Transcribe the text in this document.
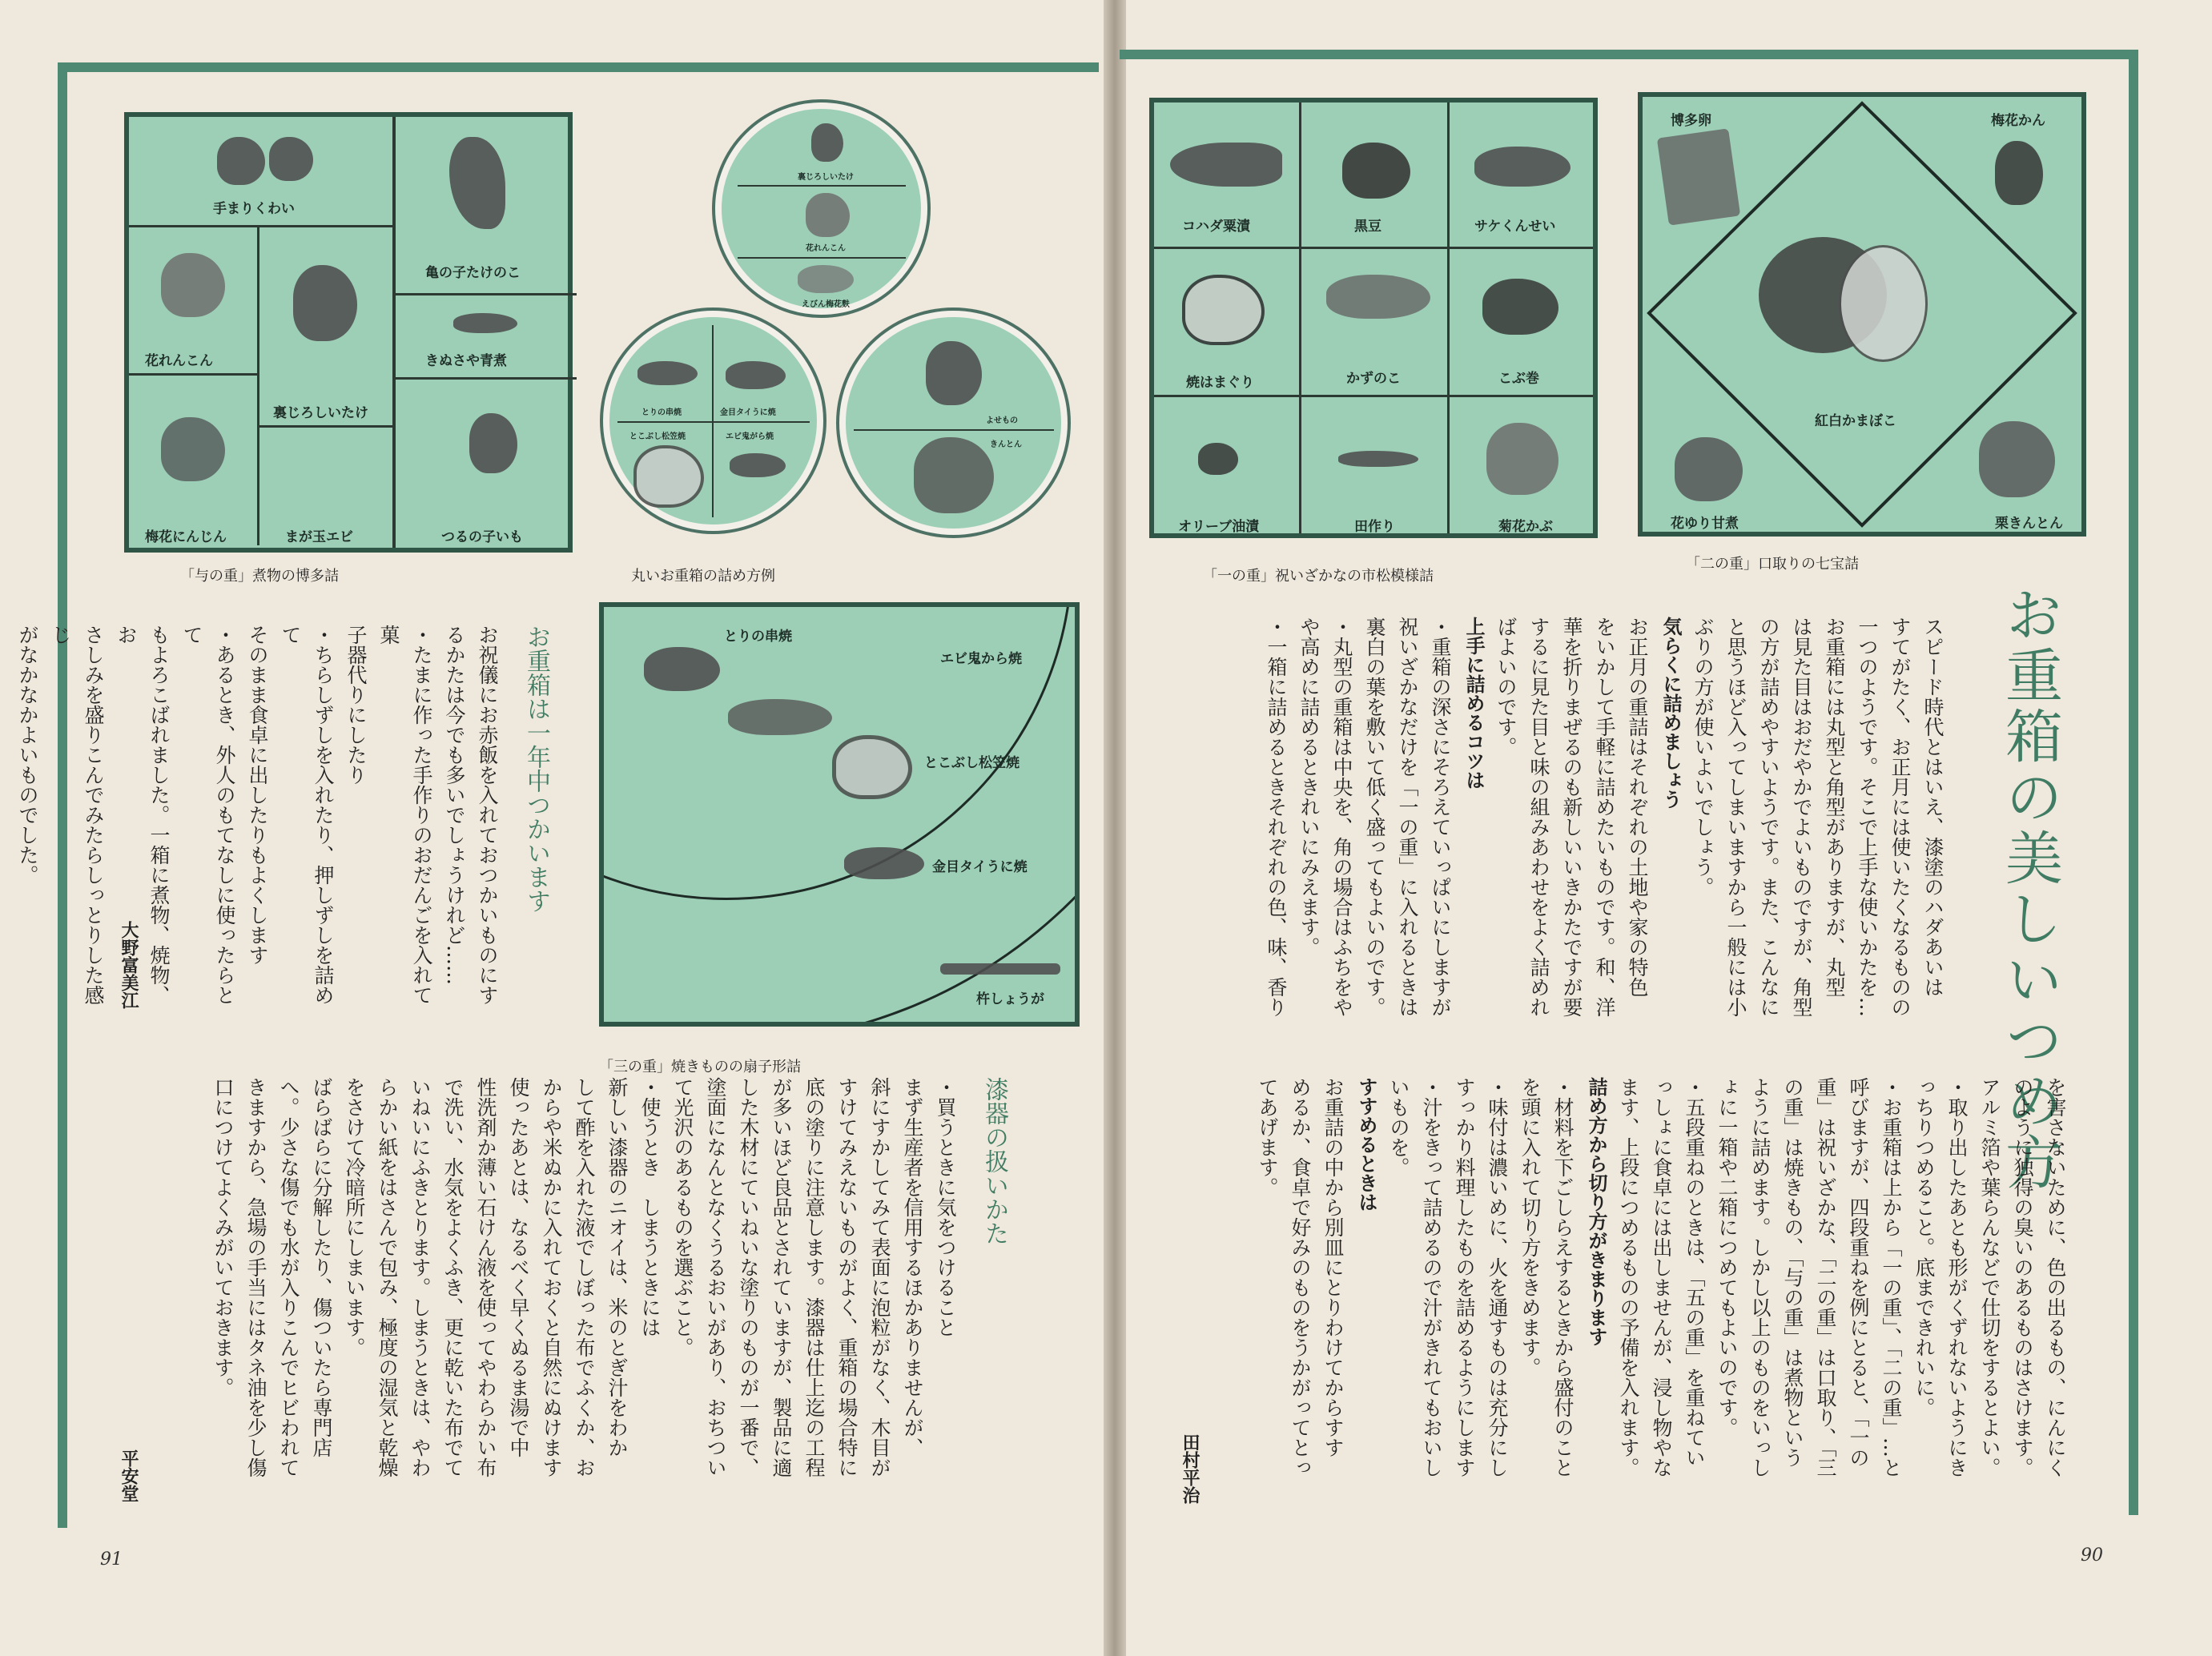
手まりくわい
亀の子たけのこ
花れんこん	きぬさや青煮
裏じろしいたけ
梅花にんじん	まが玉エビ	つるの子いも
「与の重」煮物の博多詰
裏じろしいたけ
花れんこん
えびん梅花麩
とりの串焼	金目タイうに焼
とこぶし松笠焼	エビ鬼がら焼
よせもの
きんとん
丸いお重箱の詰め方例
とりの串焼
エビ鬼から焼
とこぶし松笠焼
金目タイうに焼
杵しょうが
「三の重」焼きものの扇子形詰

お重箱は一年中つかいます

お祝儀にお赤飯を入れておつかいものにす

るかたは今でも多いでしょうけれど……

・たまに作った手作りのおだんごを入れて菓

子器代りにしたり

・ちらしずしを入れたり、押しずしを詰めて

そのまま食卓に出したりもよくします

・あるとき、外人のもてなしに使ったらとて

もよろこばれました。一箱に煮物、焼物、お

さしみを盛りこんでみたらしっとりした感じ

がなかなかよいものでした。

大野富美江

漆器の扱いかた

・買うときに気をつけること

まず生産者を信用するほかありませんが、

斜にすかしてみて表面に泡粒がなく、木目が

すけてみえないものがよく、重箱の場合特に

底の塗りに注意します。漆器は仕上迄の工程

が多いほど良品とされていますが、製品に適

した木材にていねいな塗りのものが一番で、

塗面になんとなくうるおいがあり、おちつい

て光沢のあるものを選ぶこと。

・使うとき　しまうときには

新しい漆器のニオイは、米のとぎ汁をわか

して酢を入れた液でしぼった布でふくか、お

からや米ぬかに入れておくと自然にぬけます

使ったあとは、なるべく早くぬるま湯で中

性洗剤か薄い石けん液を使ってやわらかい布

で洗い、水気をよくふき、更に乾いた布でて

いねいにふきとります。しまうときは、やわ

らかい紙をはさんで包み、極度の湿気と乾燥

をさけて冷暗所にしまいます。

ばらばらに分解したり、傷ついたら専門店

へ。少さな傷でも水が入りこんでヒビわれて

きますから、急場の手当にはタネ油を少し傷

口につけてよくみがいておきます。

平安堂

91
コハダ粟漬	黒豆	サケくんせい
焼はまぐり	かずのこ	こぶ巻
オリーブ油漬	田作り	菊花かぶ
「一の重」祝いざかなの市松模様詰
博多卵	梅花かん
紅白かまぼこ
花ゆり甘煮	栗きんとん
「二の重」口取りの七宝詰
お重箱の美しいつめ方

スピード時代とはいえ、漆塗のハダあいは

すてがたく、お正月には使いたくなるものの

一つのようです。そこで上手な使いかたを…

お重箱には丸型と角型がありますが、丸型

は見た目はおだやかでよいものですが、角型

の方が詰めやすいようです。また、こんなに

と思うほど入ってしまいますから一般には小

ぶりの方が使いよいでしょう。

気らくに詰めましょう

お正月の重詰はそれぞれの土地や家の特色

をいかして手軽に詰めたいものです。和、洋

華を折りまぜるのも新しいいきかたですが要

するに見た目と味の組みあわせをよく詰めれ

ばよいのです。

上手に詰めるコツは

・重箱の深さにそろえていっぱいにしますが

祝いざかなだけを「一の重」に入れるときは

裏白の葉を敷いて低く盛ってもよいのです。

・丸型の重箱は中央を、角の場合はふちをや

や高めに詰めるときれいにみえます。

・一箱に詰めるときそれぞれの色、味、香り

を害さないために、色の出るもの、にんにく

のように独得の臭いのあるものはさけます。

アルミ箔や葉らんなどで仕切をするとよい。

・取り出したあとも形がくずれないようにき

っちりつめること。底まできれいに。

・お重箱は上から「一の重」、「二の重」…と

呼びますが、四段重ねを例にとると、「一の

重」は祝いざかな、「二の重」は口取り、「三

の重」は焼きもの、「与の重」は煮物という

ように詰めます。しかし以上のものをいっし

ょに一箱や二箱につめてもよいのです。

・五段重ねのときは、「五の重」を重ねてい

っしょに食卓には出しませんが、浸し物やな

ます、上段につめるものの予備を入れます。

詰め方から切り方がきまります

・材料を下ごしらえするときから盛付のこと

を頭に入れて切り方をきめます。

・味付は濃いめに、火を通すものは充分にし

すっかり料理したものを詰めるようにします

・汁をきって詰めるので汁がきれてもおいし

いものを。

すすめるときは

お重詰の中から別皿にとりわけてからすす

めるか、食卓で好みのものをうかがってとっ

てあげます。

田村平治

90
